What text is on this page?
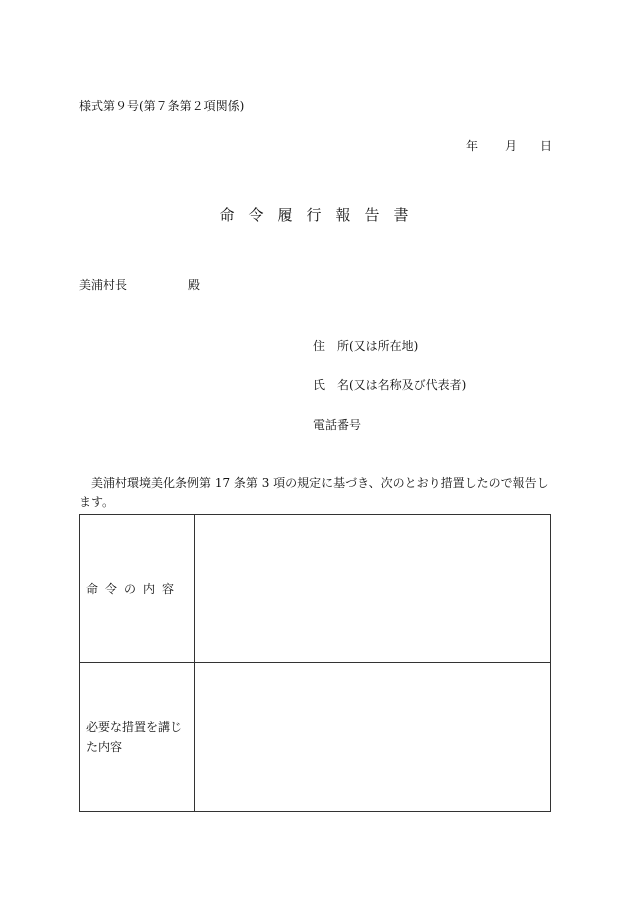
様式第９号(第７条第２項関係)
年 月 日
命令履行報告書
美浦村長	殿
住　所(又は所在地)
氏　名(又は名称及び代表者)
電話番号
美浦村環境美化条例第 17 条第 3 項の規定に基づき、次のとおり措置したので報告します。
命令の内容	
必要な措置を講じた内容	
